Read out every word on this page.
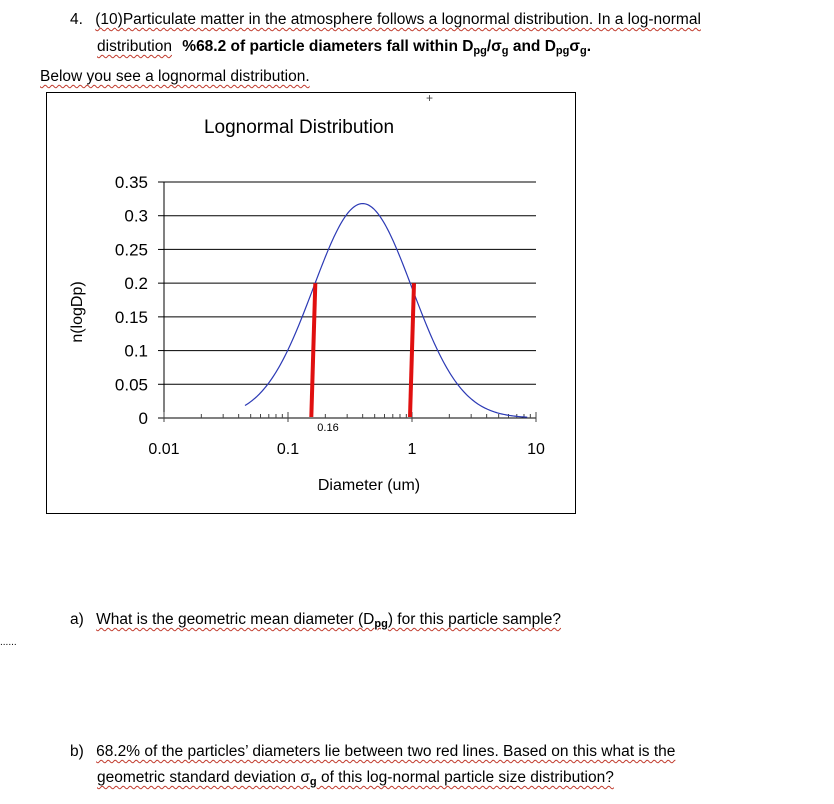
4. (10)Particulate matter in the atmosphere follows a lognormal distribution. In a log-normal
distribution %68.2 of particle diameters fall within $D_{pg}/\sigma_g$ and $D_{pg}\sigma_g$.
Below you see a lognormal distribution.
+
Lognormal Distribution
0.35
0.3
0.25
0.2
0.15
0.1
0.05
0
0.01	0.1	1	10
0.16
n(logDp)
Diameter (um)
a) What is the geometric mean diameter $(D_{pg})$ for this particle sample?
......
b) 68.2% of the particles’ diameters lie between two red lines. Based on this what is the
geometric standard deviation $\sigma_g$ of this log-normal particle size distribution?
